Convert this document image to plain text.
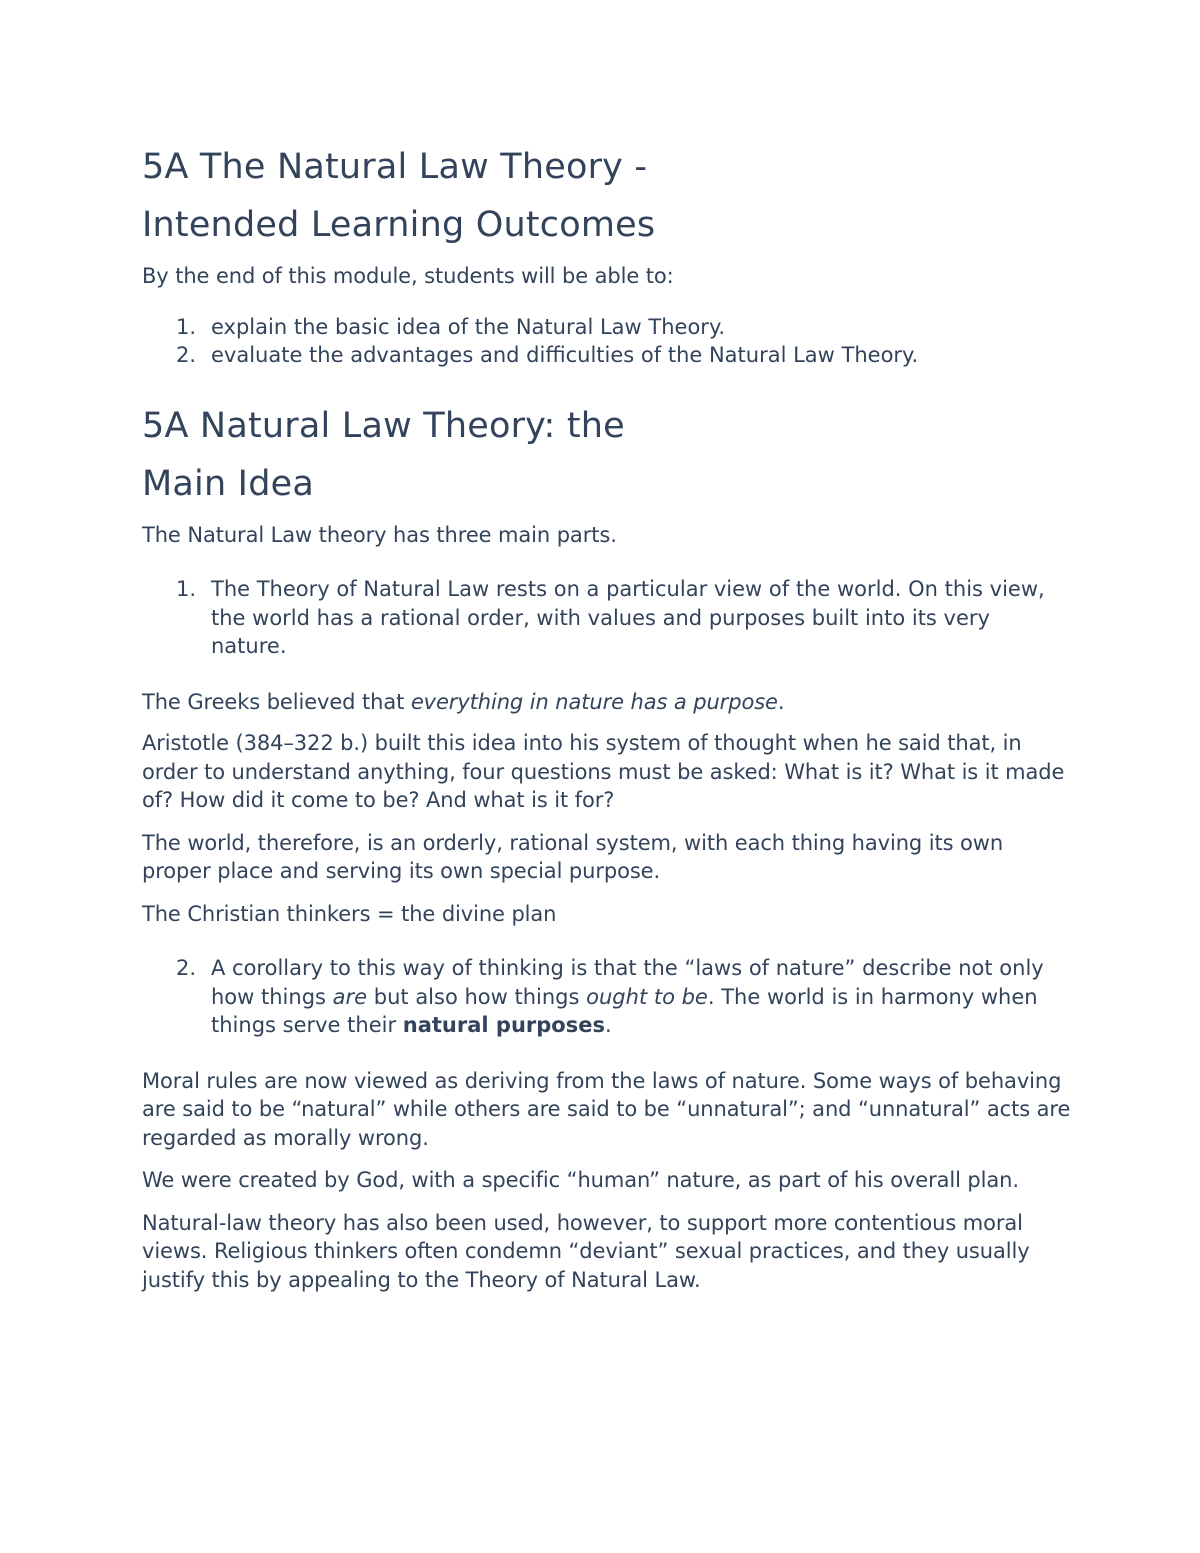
5A The Natural Law Theory -
Intended Learning Outcomes

By the end of this module, students will be able to:

1. explain the basic idea of the Natural Law Theory.
2. evaluate the advantages and difficulties of the Natural Law Theory.
5A Natural Law Theory: the
Main Idea

The Natural Law theory has three main parts.

1. The Theory of Natural Law rests on a particular view of the world. On this view, the world has a rational order, with values and purposes built into its very nature.

The Greeks believed that everything in nature has a purpose.

Aristotle (384–322 b.) built this idea into his system of thought when he said that, in order to understand anything, four questions must be asked: What is it? What is it made of? How did it come to be? And what is it for?

The world, therefore, is an orderly, rational system, with each thing having its own proper place and serving its own special purpose.

The Christian thinkers = the divine plan

2. A corollary to this way of thinking is that the “laws of nature” describe not only how things are but also how things ought to be. The world is in harmony when things serve their natural purposes.

Moral rules are now viewed as deriving from the laws of nature. Some ways of behaving are said to be “natural” while others are said to be “unnatural”; and “unnatural” acts are regarded as morally wrong.

We were created by God, with a specific “human” nature, as part of his overall plan.

Natural-law theory has also been used, however, to support more contentious moral views. Religious thinkers often condemn “deviant” sexual practices, and they usually justify this by appealing to the Theory of Natural Law.
